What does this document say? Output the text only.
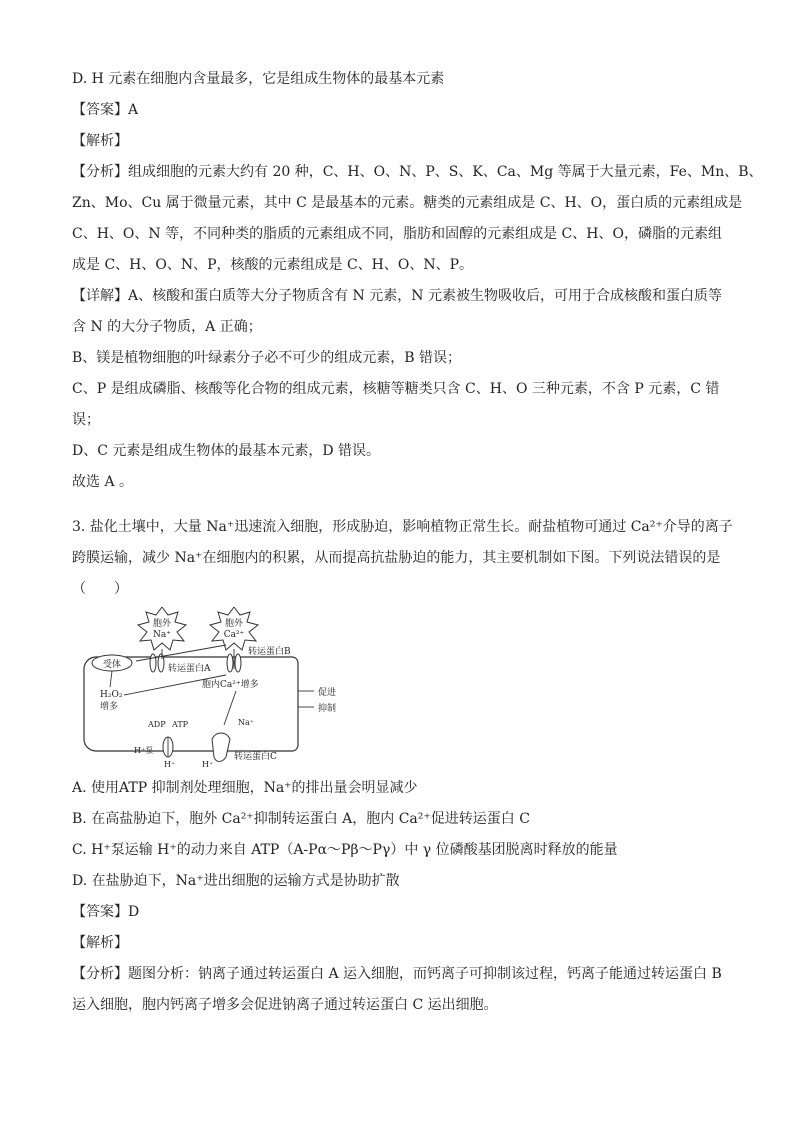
D. H 元素在细胞内含量最多，它是组成生物体的最基本元素
【答案】A
【解析】
【分析】组成细胞的元素大约有 20 种，C、H、O、N、P、S、K、Ca、Mg 等属于大量元素，Fe、Mn、B、
Zn、Mo、Cu 属于微量元素，其中 C 是最基本的元素。糖类的元素组成是 C、H、O，蛋白质的元素组成是
C、H、O、N 等，不同种类的脂质的元素组成不同，脂肪和固醇的元素组成是 C、H、O，磷脂的元素组
成是 C、H、O、N、P，核酸的元素组成是 C、H、O、N、P。
【详解】A、核酸和蛋白质等大分子物质含有 N 元素，N 元素被生物吸收后，可用于合成核酸和蛋白质等
含 N 的大分子物质，A 正确；
B、镁是植物细胞的叶绿素分子必不可少的组成元素，B 错误；
C、P 是组成磷脂、核酸等化合物的组成元素，核糖等糖类只含 C、H、O 三种元素，不含 P 元素，C 错
误；
D、C 元素是组成生物体的最基本元素，D 错误。
故选 A 。
3. 盐化土壤中，大量 Na⁺迅速流入细胞，形成胁迫，影响植物正常生长。耐盐植物可通过 Ca²⁺介导的离子
跨膜运输，减少 Na⁺在细胞内的积累，从而提高抗盐胁迫的能力，其主要机制如下图。下列说法错误的是
（　　）
胞外
Na⁺
胞外
Ca²⁺
受体	转运蛋白A
转运蛋白B
H₂O₂
增多
胞内Ca²⁺增多
促进
抑制
ADP ATP
H⁺泵
H⁺
Na⁺
H⁺
转运蛋白C
A. 使用ATP 抑制剂处理细胞，Na⁺的排出量会明显减少
B. 在高盐胁迫下，胞外 Ca²⁺抑制转运蛋白 A，胞内 Ca²⁺促进转运蛋白 C
C. H⁺泵运输 H⁺的动力来自 ATP（A-Pα～Pβ～Pγ）中 γ 位磷酸基团脱离时释放的能量
D. 在盐胁迫下，Na⁺进出细胞的运输方式是协助扩散
【答案】D
【解析】
【分析】题图分析：钠离子通过转运蛋白 A 运入细胞，而钙离子可抑制该过程，钙离子能通过转运蛋白 B
运入细胞，胞内钙离子增多会促进钠离子通过转运蛋白 C 运出细胞。
